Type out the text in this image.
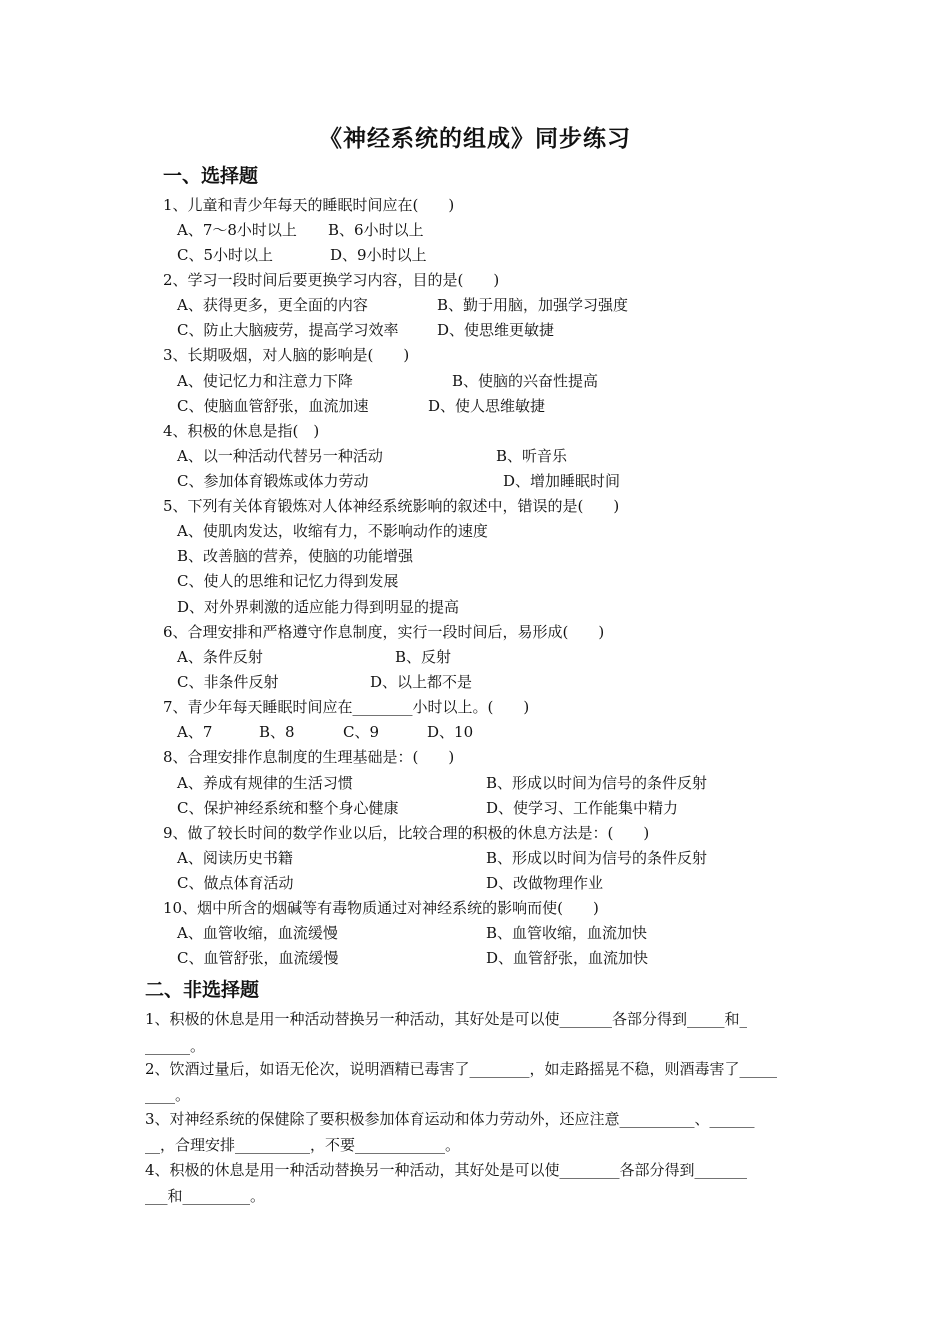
《神经系统的组成》同步练习
一、选择题
1、儿童和青少年每天的睡眠时间应在(　　)
A、7～8小时以上 B、6小时以上
C、5小时以上	D、9小时以上
2、学习一段时间后要更换学习内容，目的是(　　)
A、获得更多，更全面的内容	B、勤于用脑，加强学习强度
C、防止大脑疲劳，提高学习效率	D、使思维更敏捷
3、长期吸烟，对人脑的影响是(　　)
A、使记忆力和注意力下降	B、使脑的兴奋性提高
C、使脑血管舒张，血流加速	D、使人思维敏捷
4、积极的休息是指(　)
A、以一种活动代替另一种活动	B、听音乐
C、参加体育锻炼或体力劳动	D、增加睡眠时间
5、下列有关体育锻炼对人体神经系统影响的叙述中，错误的是(　　)
A、使肌肉发达，收缩有力，不影响动作的速度
B、改善脑的营养，使脑的功能增强
C、使人的思维和记忆力得到发展
D、对外界刺激的适应能力得到明显的提高
6、合理安排和严格遵守作息制度，实行一段时间后，易形成(　　)
A、条件反射	B、反射
C、非条件反射	D、以上都不是
7、青少年每天睡眠时间应在________小时以上。(　　)
A、7	B、8	C、9	D、10
8、合理安排作息制度的生理基础是：(　　)
A、养成有规律的生活习惯	B、形成以时间为信号的条件反射
C、保护神经系统和整个身心健康	D、使学习、工作能集中精力
9、做了较长时间的数学作业以后，比较合理的积极的休息方法是：(　　)
A、阅读历史书籍	B、形成以时间为信号的条件反射
C、做点体育活动	D、改做物理作业
10、烟中所含的烟碱等有毒物质通过对神经系统的影响而使(　　)
A、血管收缩，血流缓慢	B、血管收缩，血流加快
C、血管舒张，血流缓慢	D、血管舒张，血流加快
二、非选择题
1、积极的休息是用一种活动替换另一种活动，其好处是可以使_______各部分得到_____和_
______。
2、饮酒过量后，如语无伦次，说明酒精已毒害了________，如走路摇晃不稳，则酒毒害了_____
____。
3、对神经系统的保健除了要积极参加体育运动和体力劳动外，还应注意__________、______
__，合理安排__________，不要____________。
4、积极的休息是用一种活动替换另一种活动，其好处是可以使________各部分得到_______
___和_________。
